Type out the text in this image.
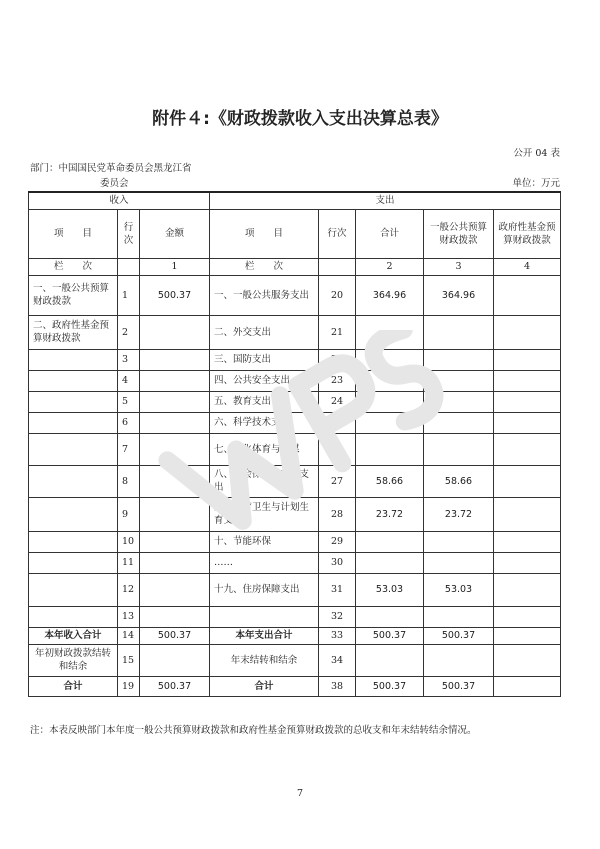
附件４:《财政拨款收入支出决算总表》
公开 04 表
部门：中国国民党革命委员会黑龙江省
委员会	单位：万元
收入			支出				
项　　目	行次	金额	项　　目	行次	合计	一般公共预算财政拨款	政府性基金预算财政拨款
栏　　次		1	栏　　次		2	3	4
一、一般公共预算财政拨款	1	500.37	一、一般公共服务支出	20	364.96	364.96	
二、政府性基金预算财政拨款	2		二、外交支出	21			
	3		三、国防支出	22			
	4		四、公共安全支出	23			
	5		五、教育支出	24			
	6		六、科学技术支出	25			
	7		七、文化体育与传媒	26			
	8		八、社会保障和就业支出	27	58.66	58.66	
	9		九、医疗卫生与计划生育支出	28	23.72	23.72	
	10		十、节能环保	29			
	11		……	30			
	12		十九、住房保障支出	31	53.03	53.03	
	13			32			
本年收入合计	14	500.37	本年支出合计	33	500.37	500.37	
年初财政拨款结转和结余	15		年末结转和结余	34			
合计	19	500.37	合计	38	500.37	500.37	
注：本表反映部门本年度一般公共预算财政拨款和政府性基金预算财政拨款的总收支和年末结转结余情况。
7
